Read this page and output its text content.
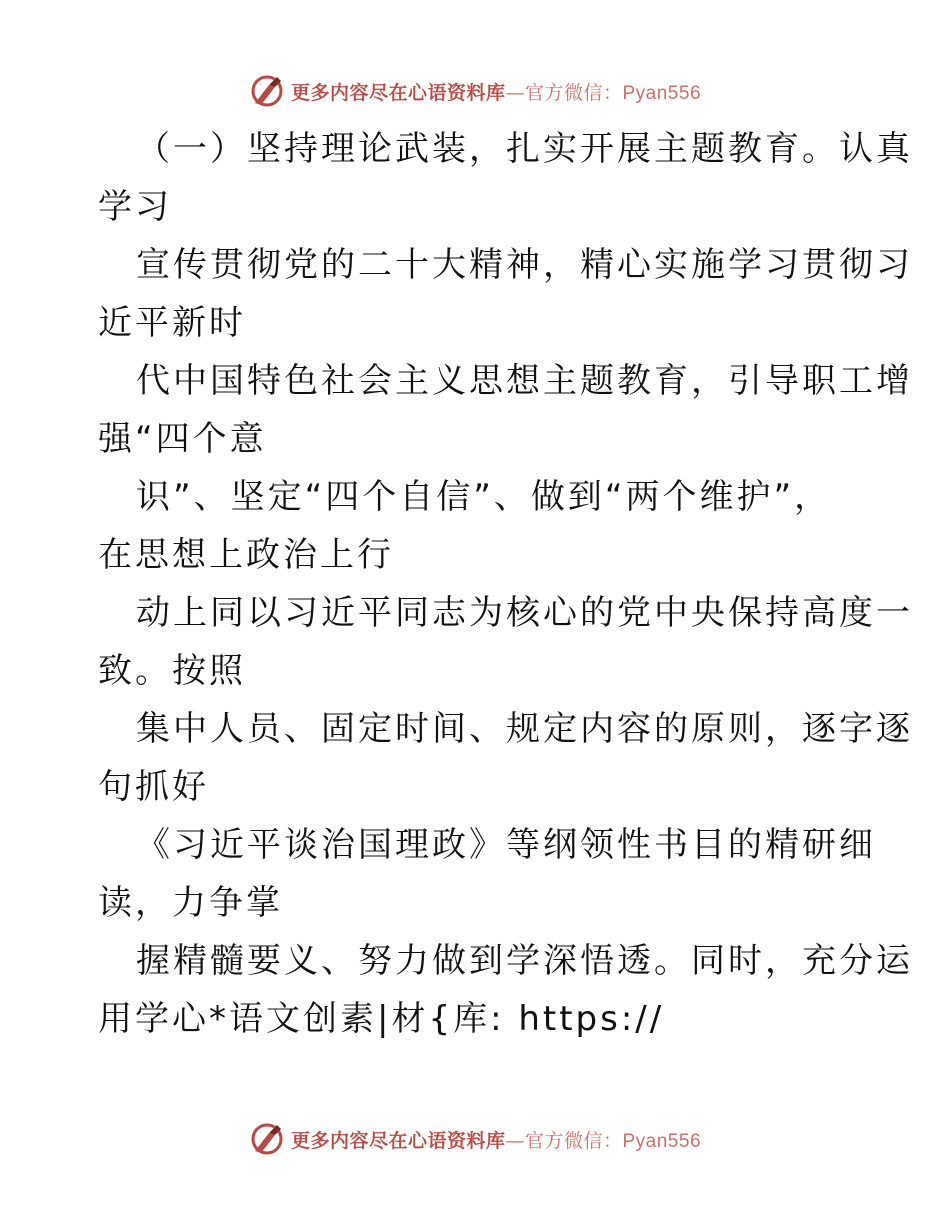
更多内容尽在心语资料库—官方微信：Pyan556

（一）坚持理论武装，扎实开展主题教育。认真
学习

宣传贯彻党的二十大精神，精心实施学习贯彻习
近平新时

代中国特色社会主义思想主题教育，引导职工增
强“四个意

识”、坚定“四个自信”、做到“两个维护”，
在思想上政治上行

动上同以习近平同志为核心的党中央保持高度一
致。按照

集中人员、固定时间、规定内容的原则，逐字逐
句抓好

《习近平谈治国理政》等纲领性书目的精研细
读，力争掌

握精髓要义、努力做到学深悟透。同时，充分运
用学心*语文创素|材{库: https://

更多内容尽在心语资料库—官方微信：Pyan556
